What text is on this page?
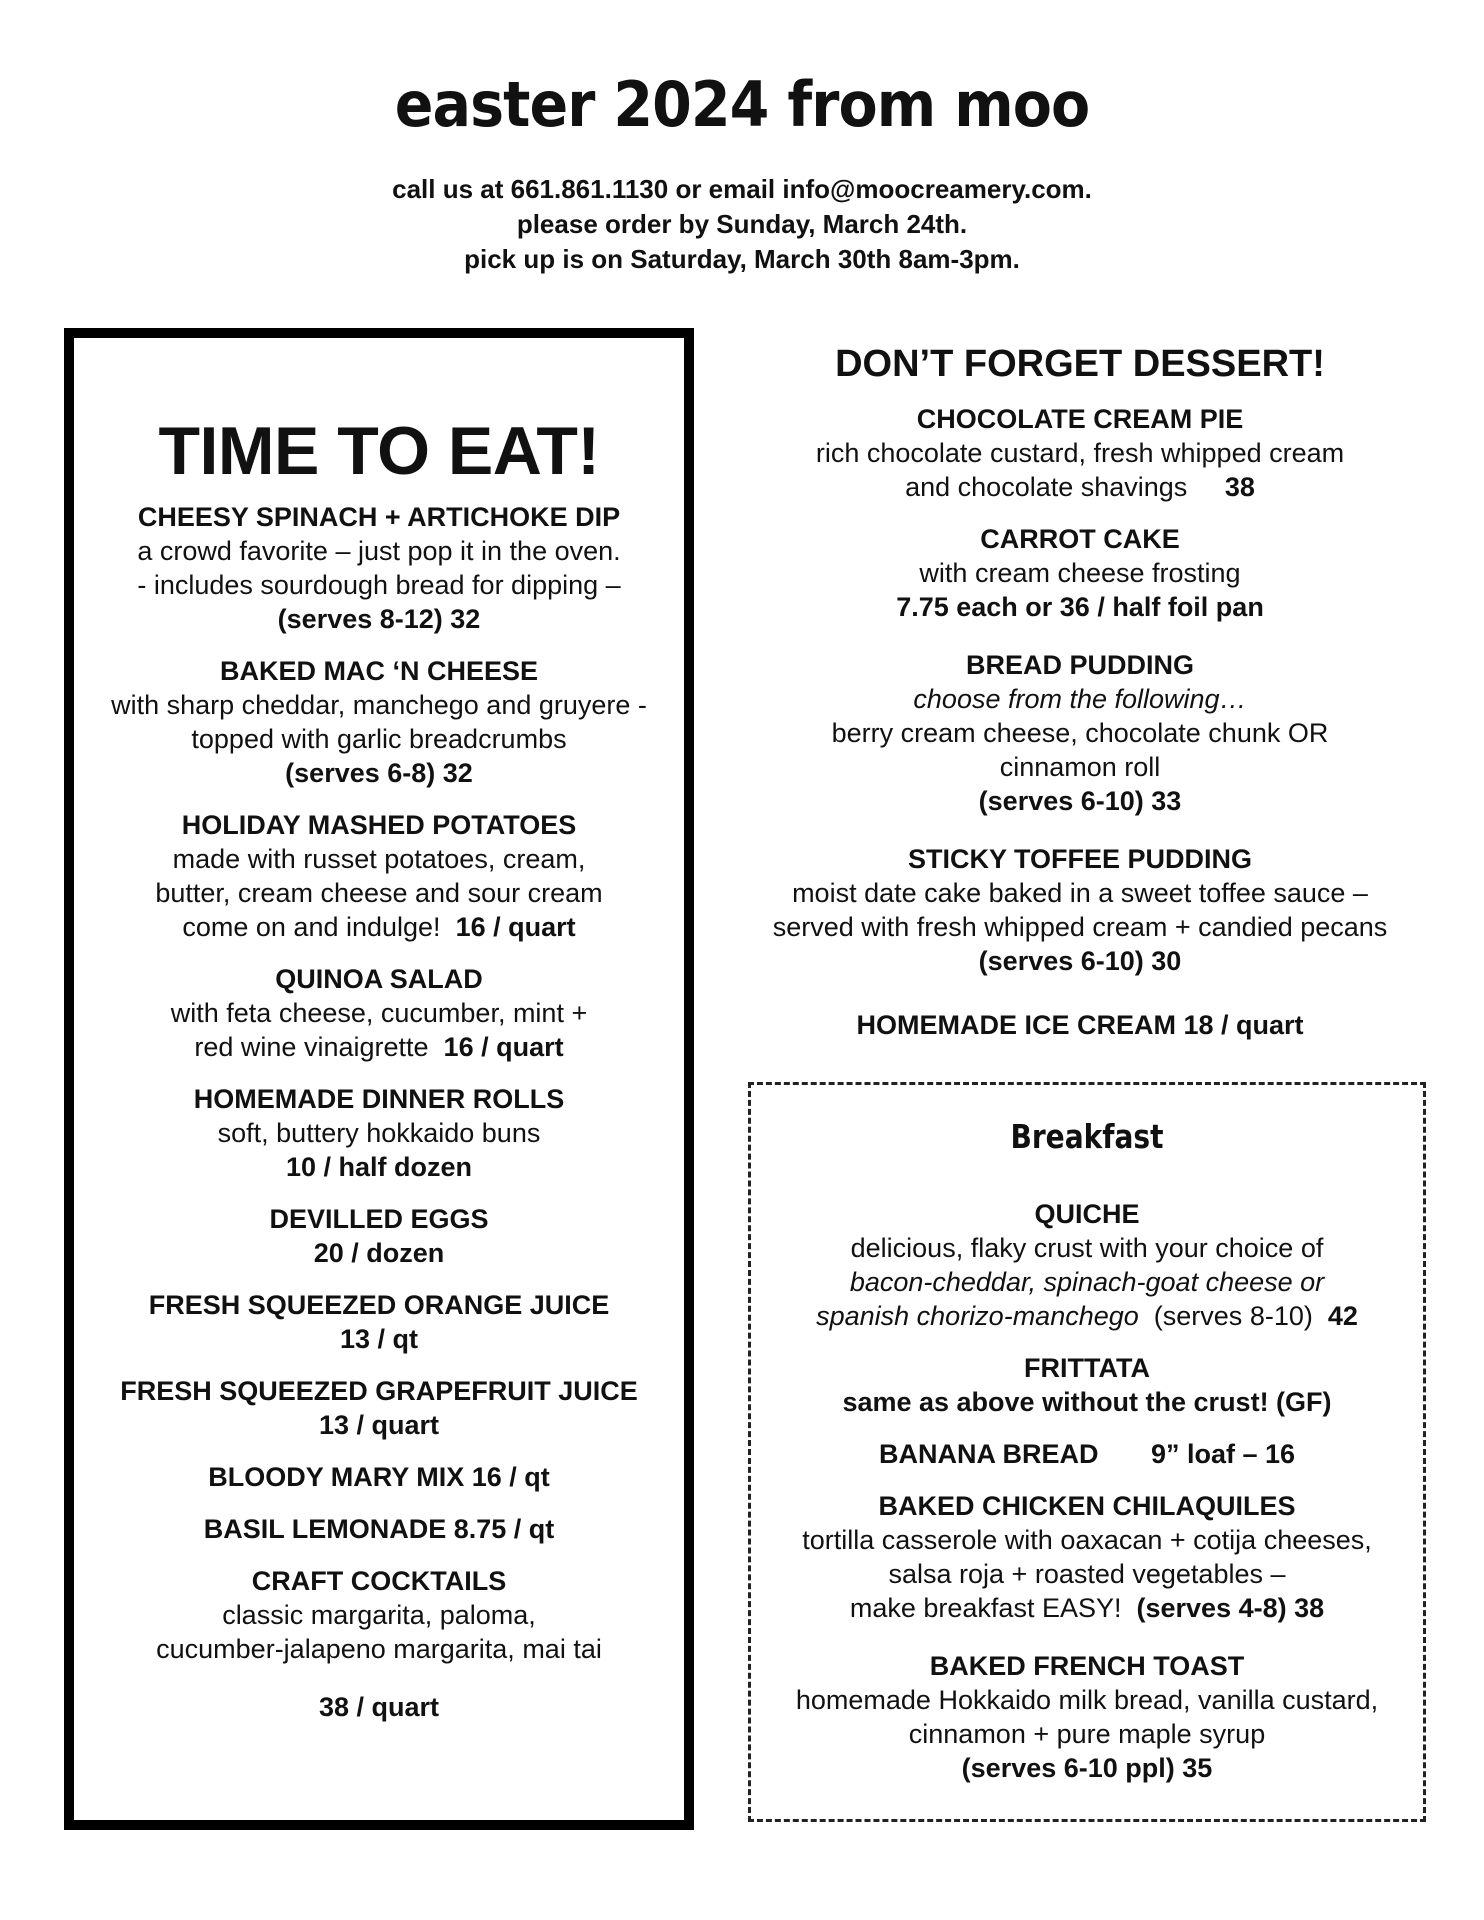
easter 2024 from moo
call us at 661.861.1130 or email info@moocreamery.com.
please order by Sunday, March 24th.
pick up is on Saturday, March 30th 8am-3pm.
TIME TO EAT!
CHEESY SPINACH + ARTICHOKE DIP
a crowd favorite – just pop it in the oven.
- includes sourdough bread for dipping –
(serves 8-12) 32
BAKED MAC ‘N CHEESE
with sharp cheddar, manchego and gruyere -
topped with garlic breadcrumbs
(serves 6-8) 32
HOLIDAY MASHED POTATOES
made with russet potatoes, cream,
butter, cream cheese and sour cream
come on and indulge! 16 / quart
QUINOA SALAD
with feta cheese, cucumber, mint +
red wine vinaigrette 16 / quart
HOMEMADE DINNER ROLLS
soft, buttery hokkaido buns
10 / half dozen
DEVILLED EGGS
20 / dozen
FRESH SQUEEZED ORANGE JUICE
13 / qt
FRESH SQUEEZED GRAPEFRUIT JUICE
13 / quart
BLOODY MARY MIX 16 / qt
BASIL LEMONADE 8.75 / qt
CRAFT COCKTAILS
classic margarita, paloma,
cucumber-jalapeno margarita, mai tai
38 / quart
DON’T FORGET DESSERT!
CHOCOLATE CREAM PIE
rich chocolate custard, fresh whipped cream
and chocolate shavings 38
CARROT CAKE
with cream cheese frosting
7.75 each or 36 / half foil pan
BREAD PUDDING
choose from the following…
berry cream cheese, chocolate chunk OR
cinnamon roll
(serves 6-10) 33
STICKY TOFFEE PUDDING
moist date cake baked in a sweet toffee sauce –
served with fresh whipped cream + candied pecans
(serves 6-10) 30
HOMEMADE ICE CREAM 18 / quart
Breakfast
QUICHE
delicious, flaky crust with your choice of
bacon-cheddar, spinach-goat cheese or
spanish chorizo-manchego (serves 8-10) 42
FRITTATA
same as above without the crust! (GF)
BANANA BREAD 9” loaf – 16
BAKED CHICKEN CHILAQUILES
tortilla casserole with oaxacan + cotija cheeses,
salsa roja + roasted vegetables –
make breakfast EASY! (serves 4-8) 38
BAKED FRENCH TOAST
homemade Hokkaido milk bread, vanilla custard,
cinnamon + pure maple syrup
(serves 6-10 ppl) 35
